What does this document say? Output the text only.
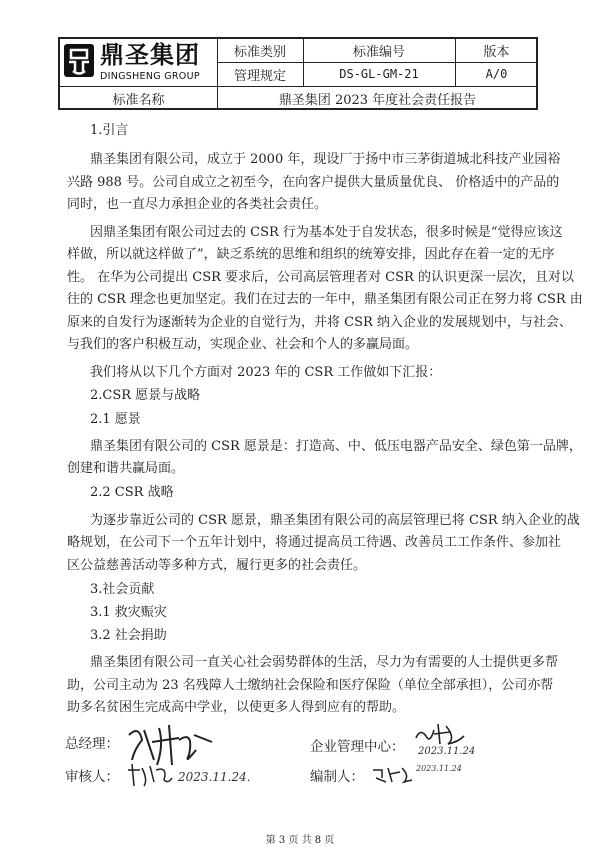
鼎圣集团
DINGSHENG GROUP
标准类别	标准编号	版本
管理规定	DS-GL-GM-21	A/0
标准名称	鼎圣集团 2023 年度社会责任报告
1.引言
鼎圣集团有限公司，成立于 2000 年，现设厂于扬中市三茅街道城北科技产业园裕
兴路 988 号。公司自成立之初至今，在向客户提供大量质量优良、 价格适中的产品的
同时，也一直尽力承担企业的各类社会责任。
因鼎圣集团有限公司过去的 CSR 行为基本处于自发状态，很多时候是“觉得应该这
样做，所以就这样做了”，缺乏系统的思维和组织的统筹安排，因此存在着一定的无序
性。 在华为公司提出 CSR 要求后，公司高层管理者对 CSR 的认识更深一层次，且对以
往的 CSR 理念也更加坚定。我们在过去的一年中，鼎圣集团有限公司正在努力将 CSR 由
原来的自发行为逐渐转为企业的自觉行为，并将 CSR 纳入企业的发展规划中，与社会、
与我们的客户积极互动，实现企业、社会和个人的多赢局面。
我们将从以下几个方面对 2023 年的 CSR 工作做如下汇报：
2.CSR 愿景与战略
2.1 愿景
鼎圣集团有限公司的 CSR 愿景是：打造高、中、低压电器产品安全、绿色第一品牌，
创建和谐共赢局面。
2.2 CSR 战略
为逐步靠近公司的 CSR 愿景，鼎圣集团有限公司的高层管理已将 CSR 纳入企业的战
略规划，在公司下一个五年计划中，将通过提高员工待遇、改善员工工作条件、参加社
区公益慈善活动等多种方式，履行更多的社会责任。
3.社会贡献
3.1 救灾赈灾
3.2 社会捐助
鼎圣集团有限公司一直关心社会弱势群体的生活，尽力为有需要的人士提供更多帮
助，公司主动为 23 名残障人士缴纳社会保险和医疗保险（单位全部承担），公司亦帮
助多名贫困生完成高中学业，以使更多人得到应有的帮助。
总经理：	企业管理中心： 2023.11.24
审核人：	2023.11.24.	编制人：
2023.11.24
第 3 页 共 8 页
